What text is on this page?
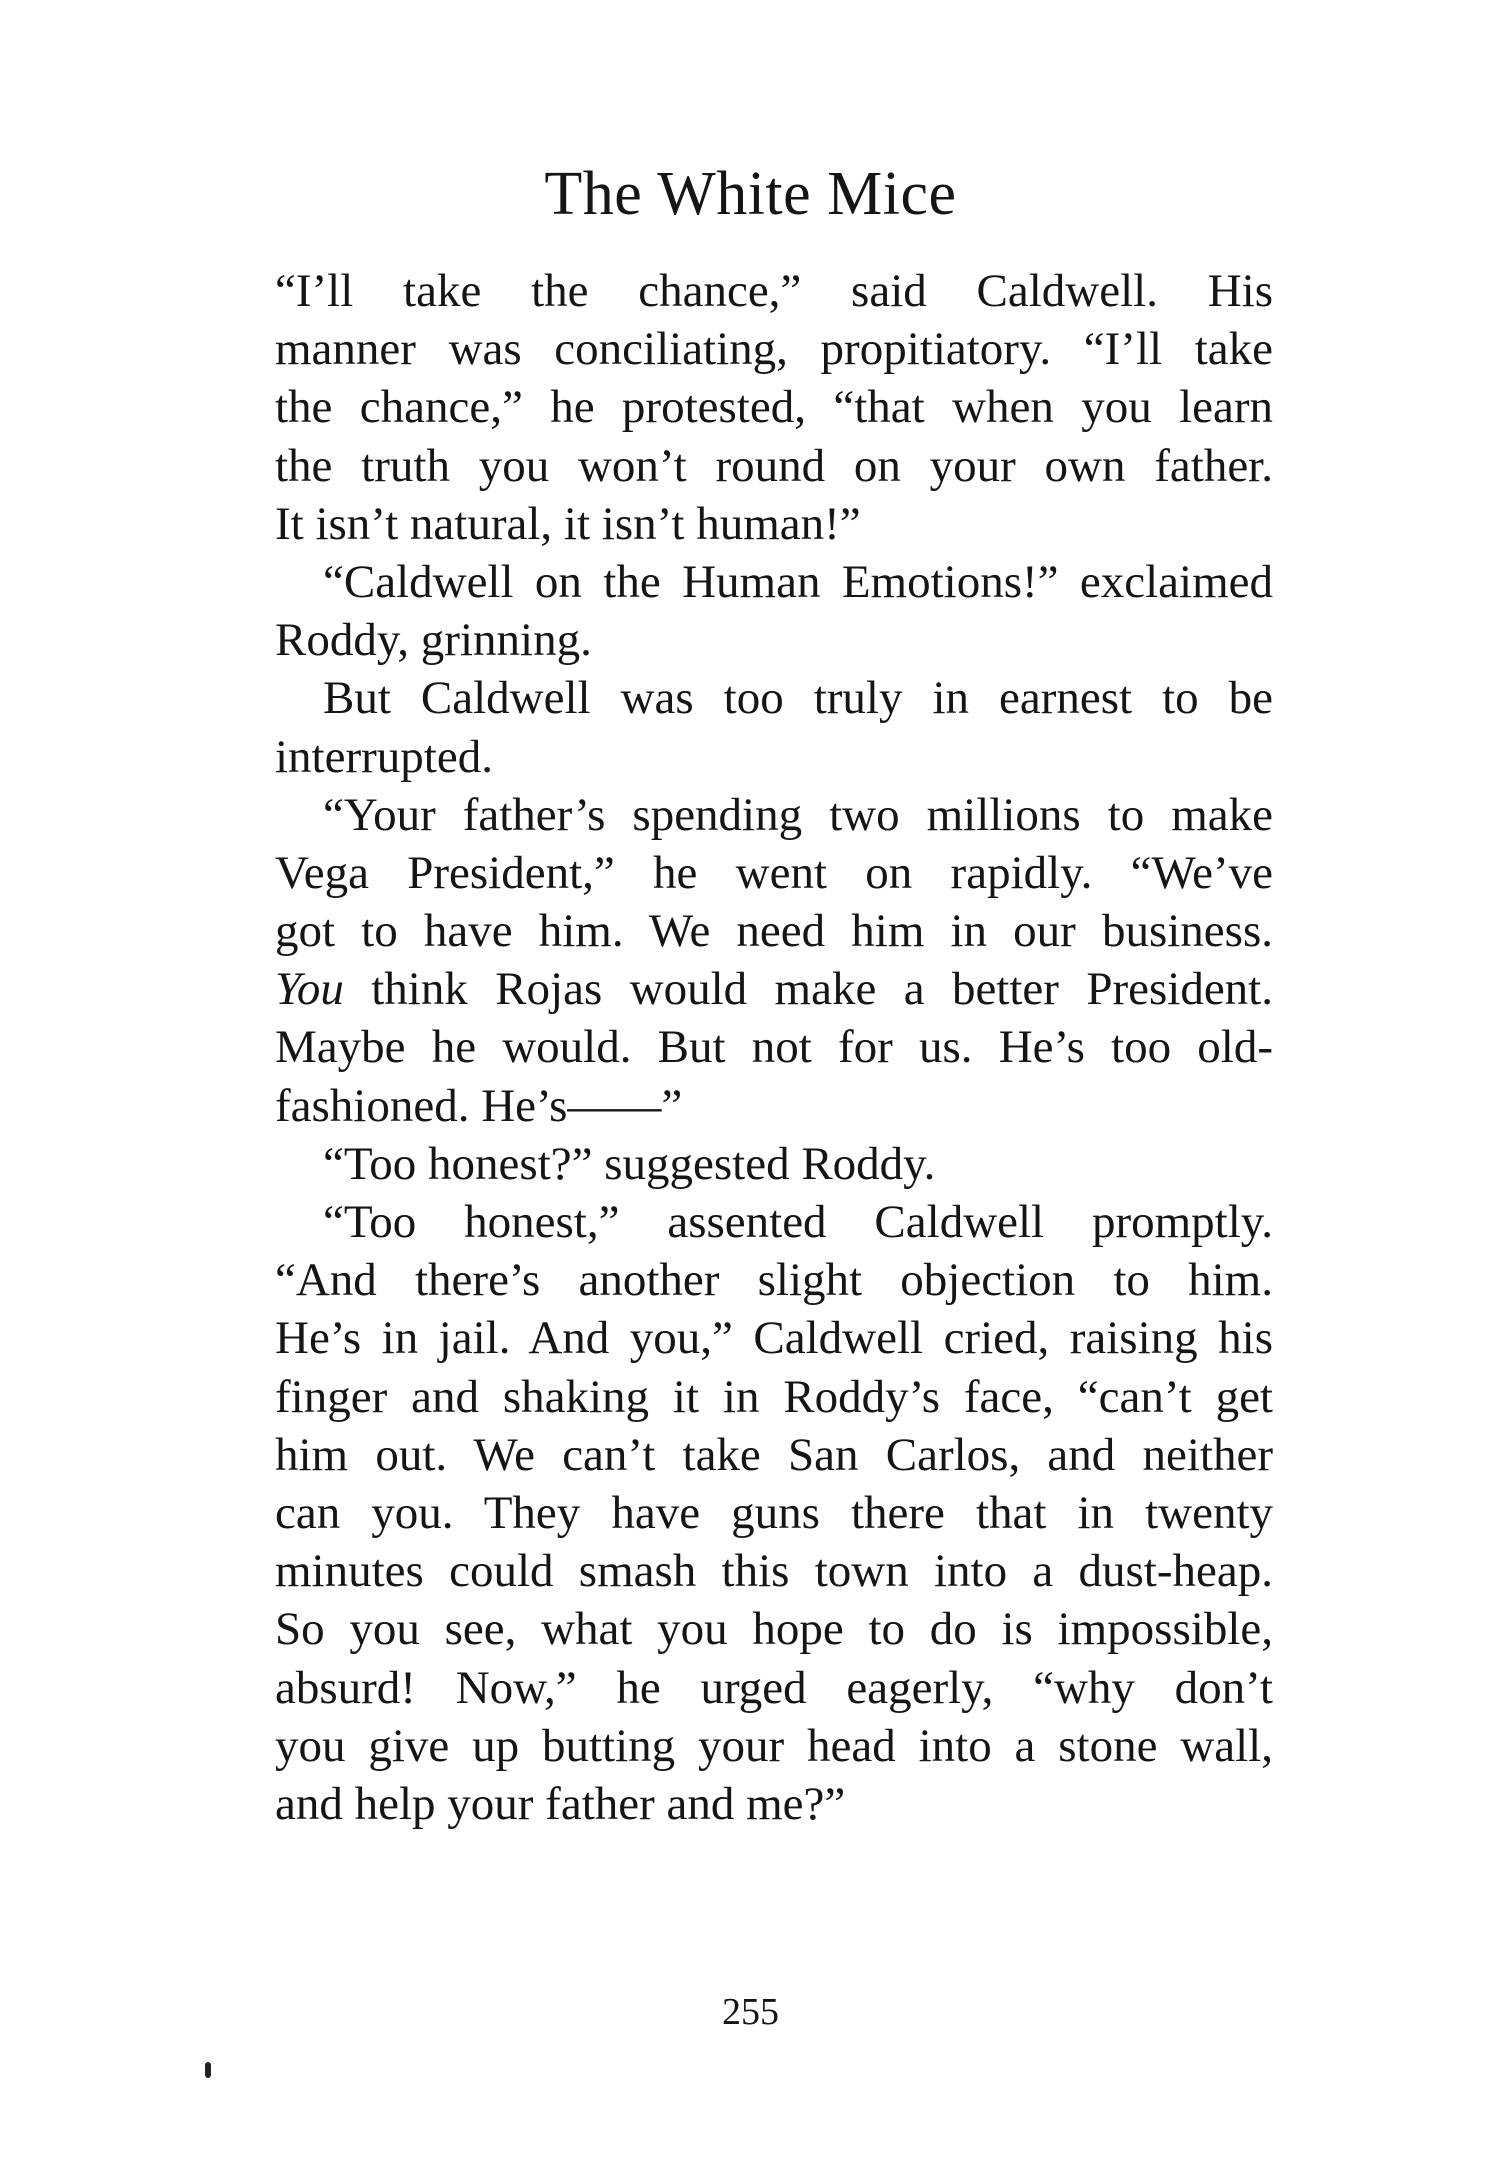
The White Mice
“I’ll take the chance,” said Caldwell. His
manner was conciliating, propitiatory. “I’ll take
the chance,” he protested, “that when you learn
the truth you won’t round on your own father.
It isn’t natural, it isn’t human!”
“Caldwell on the Human Emotions!” exclaimed
Roddy, grinning.
But Caldwell was too truly in earnest to be
interrupted.
“Your father’s spending two millions to make
Vega President,” he went on rapidly. “We’ve
got to have him. We need him in our business.
You think Rojas would make a better President.
Maybe he would. But not for us. He’s too old-
fashioned. He’s——”
“Too honest?” suggested Roddy.
“Too honest,” assented Caldwell promptly.
“And there’s another slight objection to him.
He’s in jail. And you,” Caldwell cried, raising his
finger and shaking it in Roddy’s face, “can’t get
him out. We can’t take San Carlos, and neither
can you. They have guns there that in twenty
minutes could smash this town into a dust-heap.
So you see, what you hope to do is impossible,
absurd! Now,” he urged eagerly, “why don’t
you give up butting your head into a stone wall,
and help your father and me?”
255
